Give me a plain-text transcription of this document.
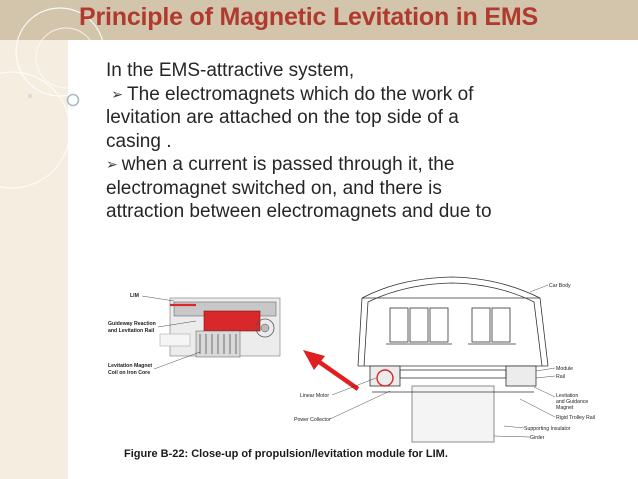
Principle of Magnetic Levitation in EMS
In the EMS-attractive system,
➢ The electromagnets which do the work of
levitation are attached on the top side of a
casing .
➢ when a current is passed through it, the
electromagnet switched on, and there is
attraction between electromagnets and due to
LIM
Guideway Reaction
and Levitation Rail
Levitation Magnet
Coil on Iron Core
Car Body
Module
Rail
Levitation
and Guidance
Magnet
Rigid Trolley Rail
Supporting Insulator
Girder
Linear Motor
Power Collector
Figure B-22: Close-up of propulsion/levitation module for LIM.
